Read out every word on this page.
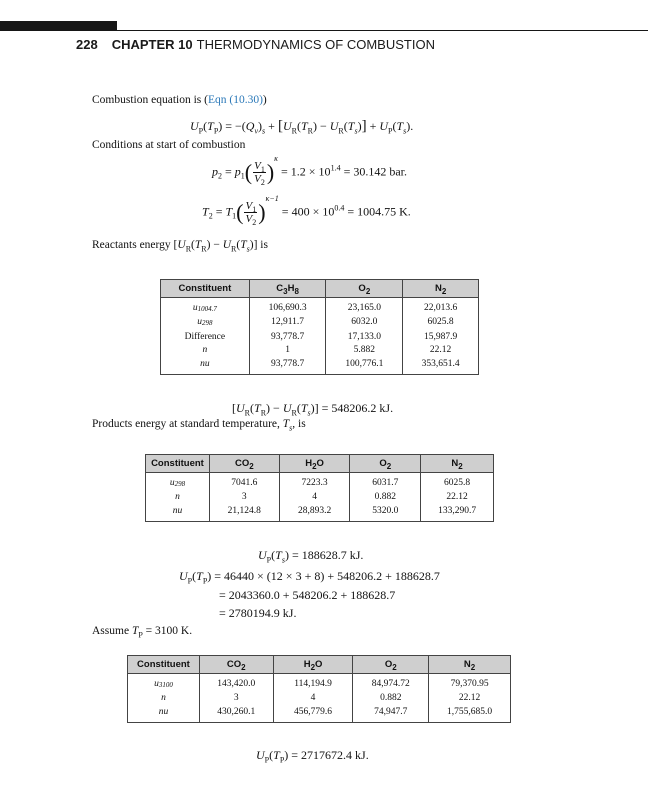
228 CHAPTER 10 THERMODYNAMICS OF COMBUSTION
Combustion equation is (Eqn (10.30))
$U_P(T_P) = -(Q_v)_s + [U_R(T_R) - U_R(T_s)] + U_P(T_s)$.
Conditions at start of combustion
$p_2 = p_1( \frac{V_1}{V_2} )^\kappa = 1.2 \times 10^{1.4} = 30.142$ bar.
$T_2 = T_1( \frac{V_1}{V_2} )^{\kappa-1} = 400 \times 10^{0.4} = 1004.75$ K.
Reactants energy $[U_R(T_R) - U_R(T_s)]$ is
Constituent	$C_3H_8$	$O_2$	$N_2$
u1004.7	106,690.3	23,165.0	22,013.6
u298	12,911.7	6032.0	6025.8
Difference	93,778.7	17,133.0	15,987.9
n	1	5.882	22.12
nu	93,778.7	100,776.1	353,651.4
$[U_R(T_R) - U_R(T_s)] = 548206.2$ kJ.
Products energy at standard temperature, $T_s$, is
Constituent	$CO_2$	$H_2O$	$O_2$	$N_2$
u298	7041.6	7223.3	6031.7	6025.8
n	3	4	0.882	22.12
nu	21,124.8	28,893.2	5320.0	133,290.7
$U_P(T_s) = 188628.7$ kJ.
$U_P(T_P) = 46440 \times (12 \times 3 + 8) + 548206.2 + 188628.7$
= 2043360.0 + 548206.2 + 188628.7
= 2780194.9 kJ.
Assume $T_P = 3100$ K.
Constituent	$CO_2$	$H_2O$	$O_2$	$N_2$
u3100	143,420.0	114,194.9	84,974.72	79,370.95
n	3	4	0.882	22.12
nu	430,260.1	456,779.6	74,947.7	1,755,685.0
$U_P(T_P) = 2717672.4$ kJ.
